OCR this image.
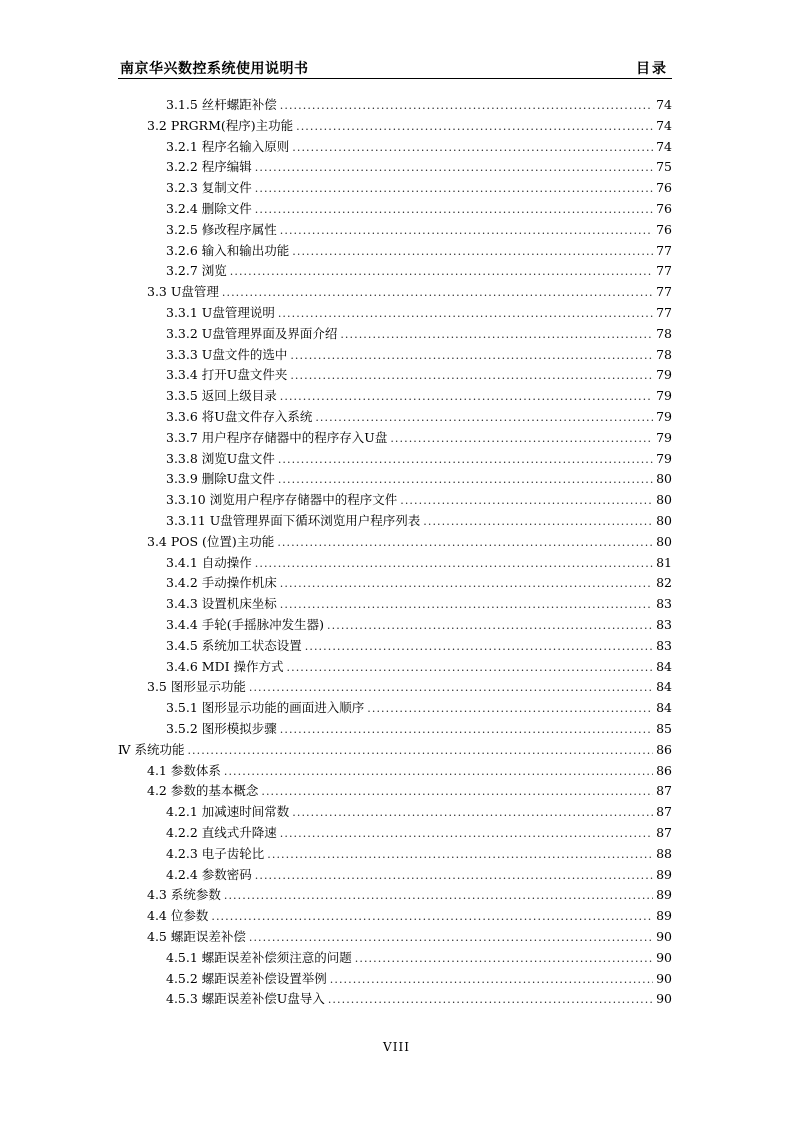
南京华兴数控系统使用说明书	目录
3.1.5 丝杆螺距补偿 . . .	74
3.2 PRGRM(程序)主功能 . . .	74
3.2.1 程序名输入原则 . . .	74
3.2.2 程序编辑 . . .	75
3.2.3 复制文件 . . .	76
3.2.4 删除文件 . . .	76
3.2.5 修改程序属性 . . .	76
3.2.6 输入和输出功能 . . .	77
3.2.7 浏览 . . .	77
3.3 U盘管理 . . .	77
3.3.1 U盘管理说明 . . .	77
3.3.2 U盘管理界面及界面介绍 . . .	78
3.3.3 U盘文件的选中 . . .	78
3.3.4 打开U盘文件夹 . . .	79
3.3.5 返回上级目录 . . .	79
3.3.6 将U盘文件存入系统 . . .	79
3.3.7 用户程序存储器中的程序存入U盘 . . .	79
3.3.8 浏览U盘文件 . . .	79
3.3.9 删除U盘文件 . . .	80
3.3.10 浏览用户程序存储器中的程序文件 . . .	80
3.3.11 U盘管理界面下循环浏览用户程序列表 . . .	80
3.4 POS (位置)主功能 . . .	80
3.4.1 自动操作 . . .	81
3.4.2 手动操作机床 . . .	82
3.4.3 设置机床坐标 . . .	83
3.4.4 手轮(手摇脉冲发生器) . . .	83
3.4.5 系统加工状态设置 . . .	83
3.4.6 MDI 操作方式 . . .	84
3.5 图形显示功能 . . .	84
3.5.1 图形显示功能的画面进入顺序 . . .	84
3.5.2 图形模拟步骤 . . .	85
Ⅳ 系统功能 . . .	86
4.1 参数体系 . . .	86
4.2 参数的基本概念 . . .	87
4.2.1 加减速时间常数 . . .	87
4.2.2 直线式升降速 . . .	87
4.2.3 电子齿轮比 . . .	88
4.2.4 参数密码 . . .	89
4.3 系统参数 . . .	89
4.4 位参数 . . .	89
4.5 螺距误差补偿 . . .	90
4.5.1 螺距误差补偿须注意的问题 . . .	90
4.5.2 螺距误差补偿设置举例 . . .	90
4.5.3 螺距误差补偿U盘导入 . . .	90
VIII
